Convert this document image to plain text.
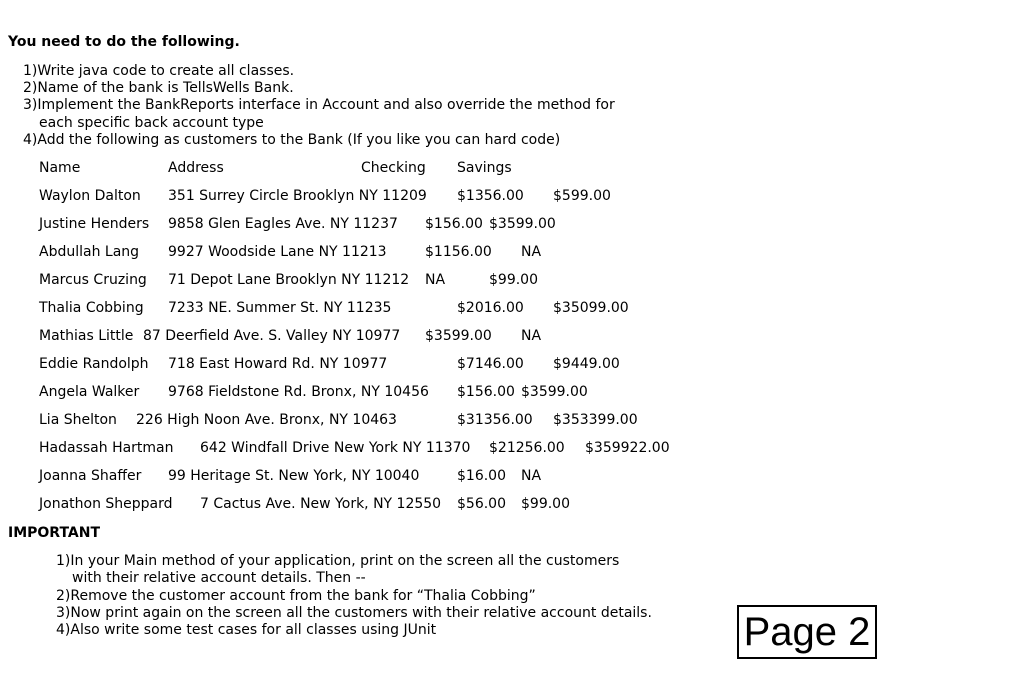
You need to do the following.
1)Write java code to create all classes.
2)Name of the bank is TellsWells Bank.
3)Implement the BankReports interface in Account and also override the method for
each specific back account type
4)Add the following as customers to the Bank (If you like you can hard code)
Name	Address	Checking Savings
Waylon Dalton 351 Surrey Circle Brooklyn NY 11209 $1356.00 $599.00
Justine Henders 9858 Glen Eagles Ave. NY 11237 $156.00 $3599.00
Abdullah Lang 9927 Woodside Lane NY 11213	$1156.00 NA
Marcus Cruzing 71 Depot Lane Brooklyn NY 11212 NA	$99.00
Thalia Cobbing 7233 NE. Summer St. NY 11235	$2016.00 $35099.00
Mathias Little 87 Deerfield Ave. S. Valley NY 10977 $3599.00 NA
Eddie Randolph 718 East Howard Rd. NY 10977	$7146.00 $9449.00
Angela Walker 9768 Fieldstone Rd. Bronx, NY 10456 $156.00 $3599.00
Lia Shelton 226 High Noon Ave. Bronx, NY 10463	$31356.00 $353399.00
Hadassah Hartman 642 Windfall Drive New York NY 11370 $21256.00 $359922.00
Joanna Shaffer 99 Heritage St. New York, NY 10040	$16.00 NA
Jonathon Sheppard 7 Cactus Ave. New York, NY 12550 $56.00 $99.00
IMPORTANT
1)In your Main method of your application, print on the screen all the customers
with their relative account details. Then --
2)Remove the customer account from the bank for “Thalia Cobbing”
3)Now print again on the screen all the customers with their relative account details.
4)Also write some test cases for all classes using JUnit	Page 2
